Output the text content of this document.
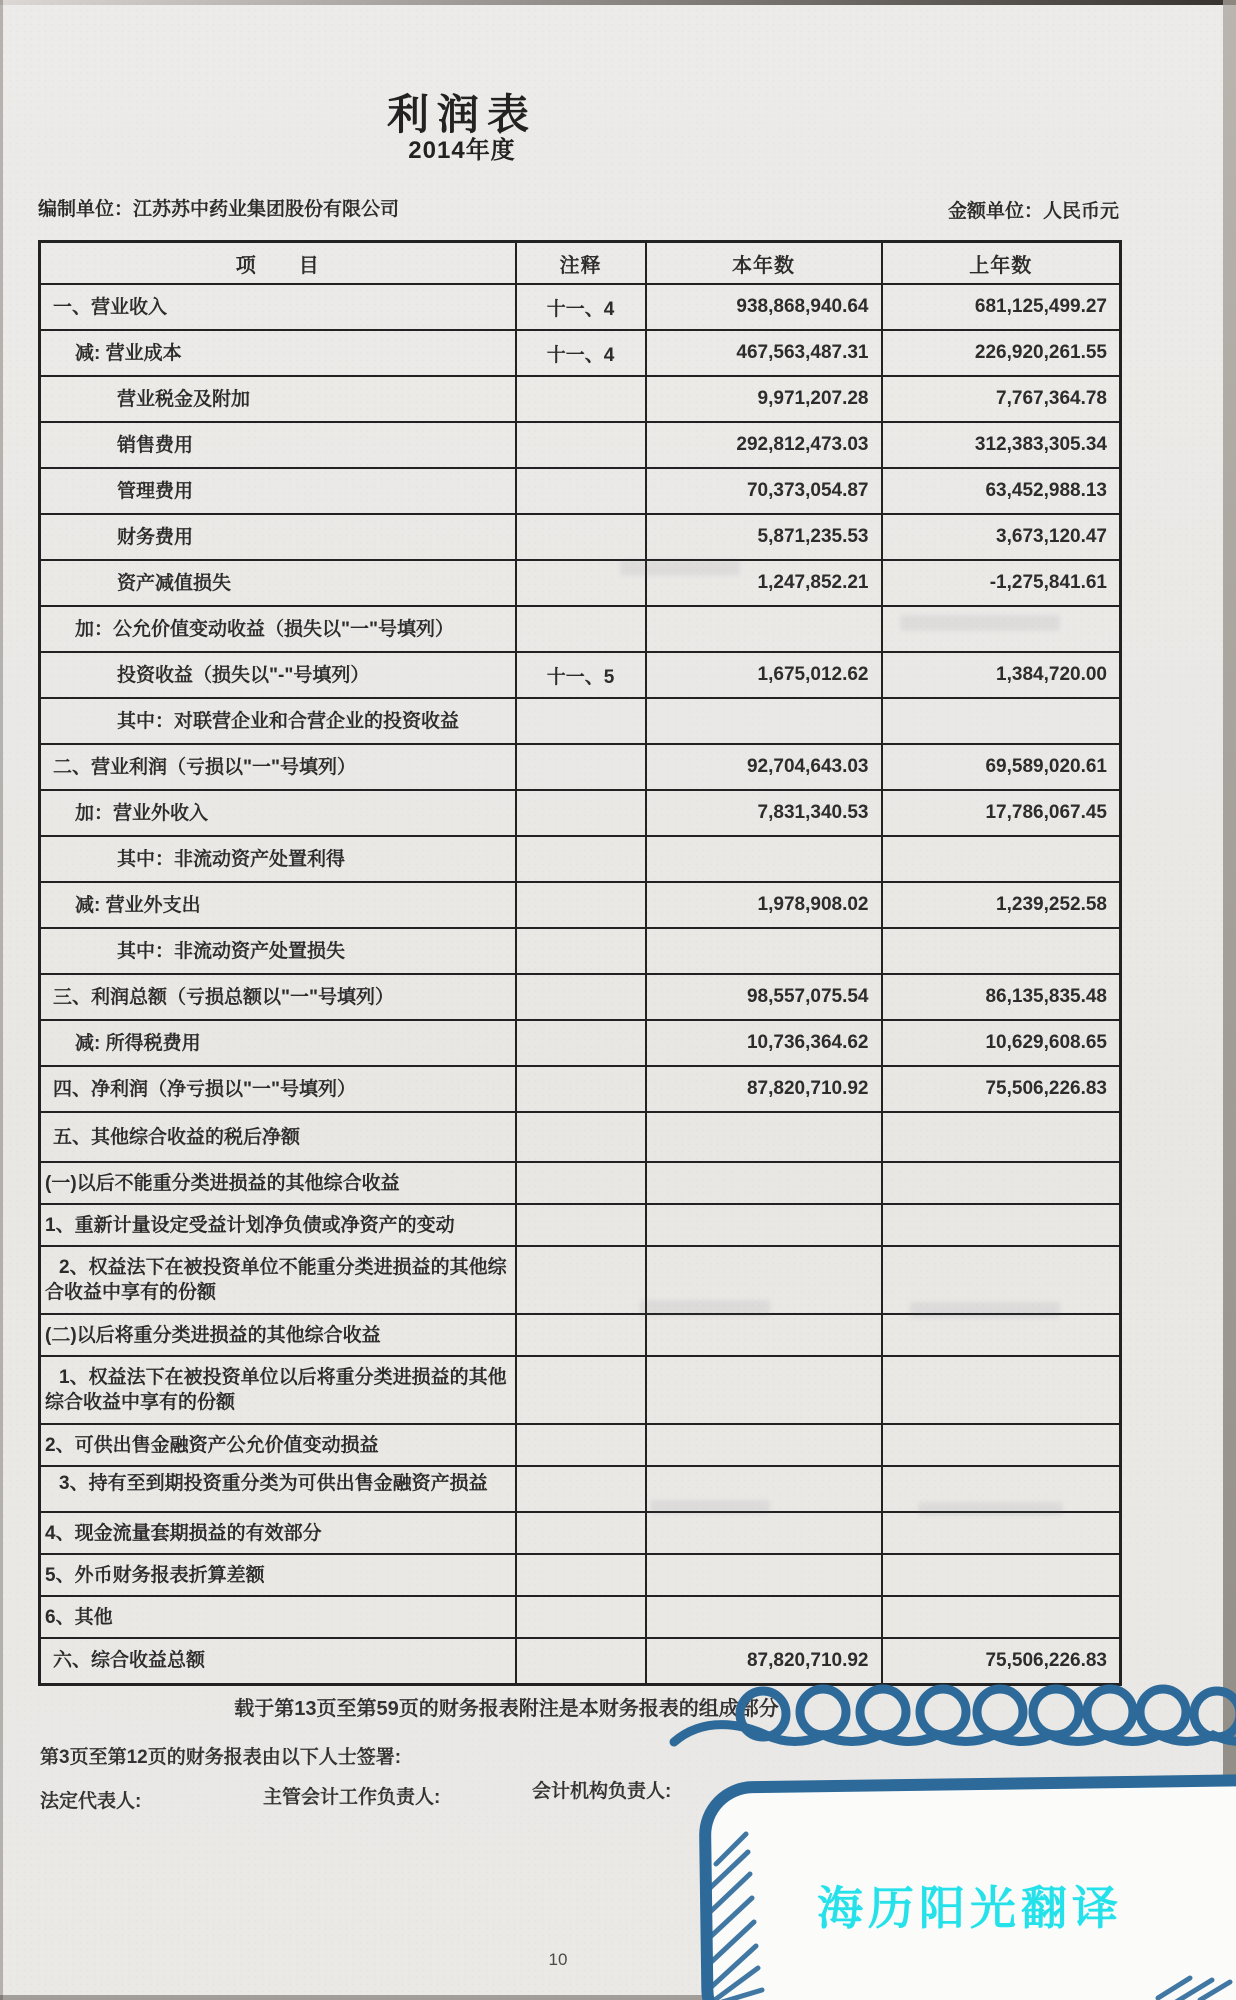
利润表
2014年度
编制单位：江苏苏中药业集团股份有限公司	金额单位：人民币元
项　　目	注释	本年数	上年数

一、营业收入	十一、4	938,868,940.64	681,125,499.27

减: 营业成本	十一、4	467,563,487.31	226,920,261.55

营业税金及附加		9,971,207.28	7,767,364.78

销售费用		292,812,473.03	312,383,305.34

管理费用		70,373,054.87	63,452,988.13

财务费用		5,871,235.53	3,673,120.47

资产减值损失		1,247,852.21	-1,275,841.61

加：公允价值变动收益（损失以"一"号填列）			

投资收益（损失以"-"号填列）	十一、5	1,675,012.62	1,384,720.00

其中：对联营企业和合营企业的投资收益			

二、营业利润（亏损以"一"号填列）		92,704,643.03	69,589,020.61

加：营业外收入		7,831,340.53	17,786,067.45

其中：非流动资产处置利得			

减: 营业外支出		1,978,908.02	1,239,252.58

其中：非流动资产处置损失			

三、利润总额（亏损总额以"一"号填列）		98,557,075.54	86,135,835.48

减: 所得税费用		10,736,364.62	10,629,608.65

四、净利润（净亏损以"一"号填列）		87,820,710.92	75,506,226.83

五、其他综合收益的税后净额			

(一)以后不能重分类进损益的其他综合收益			

1、重新计量设定受益计划净负债或净资产的变动			

2、权益法下在被投资单位不能重分类进损益的其他综合收益中享有的份额			

(二)以后将重分类进损益的其他综合收益			

1、权益法下在被投资单位以后将重分类进损益的其他综合收益中享有的份额			

2、可供出售金融资产公允价值变动损益			

3、持有至到期投资重分类为可供出售金融资产损益			

4、现金流量套期损益的有效部分			

5、外币财务报表折算差额			

6、其他			

六、综合收益总额		87,820,710.92	75,506,226.83
载于第13页至第59页的财务报表附注是本财务报表的组成部分
第3页至第12页的财务报表由以下人士签署:
法定代表人:	主管会计工作负责人:	会计机构负责人:
10
海历阳光翻译
